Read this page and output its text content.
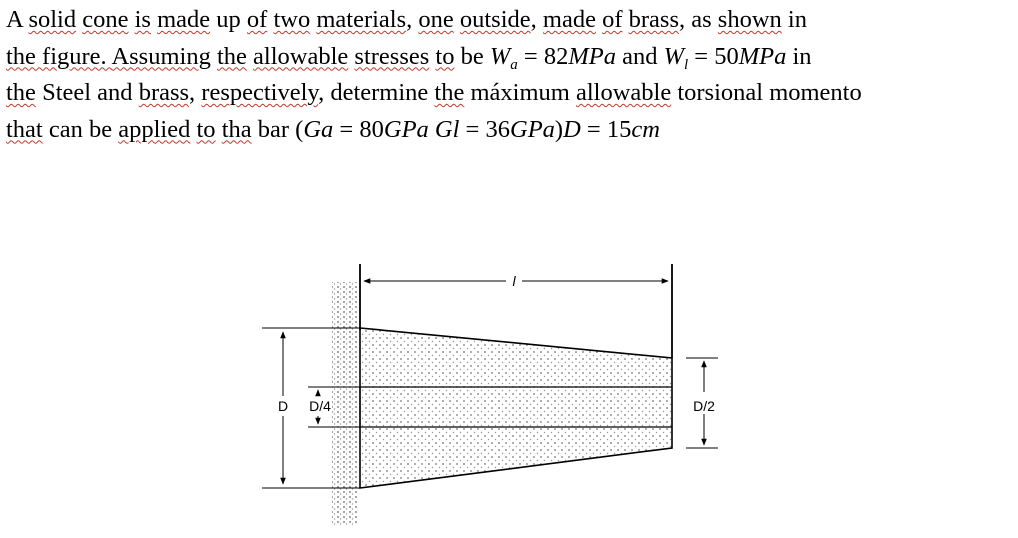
A solid cone is made up of two materials, one outside, made of brass, as shown in
the figure. Assuming the allowable stresses to be $W_a = 82MPa$ and $W_l = 50MPa$ in
the Steel and brass, respectively, determine the máximum allowable torsional momento
that can be applied to tha bar (Ga = 80GPa Gl = 36GPa)D = 15cm
l
D D/4	D/2
